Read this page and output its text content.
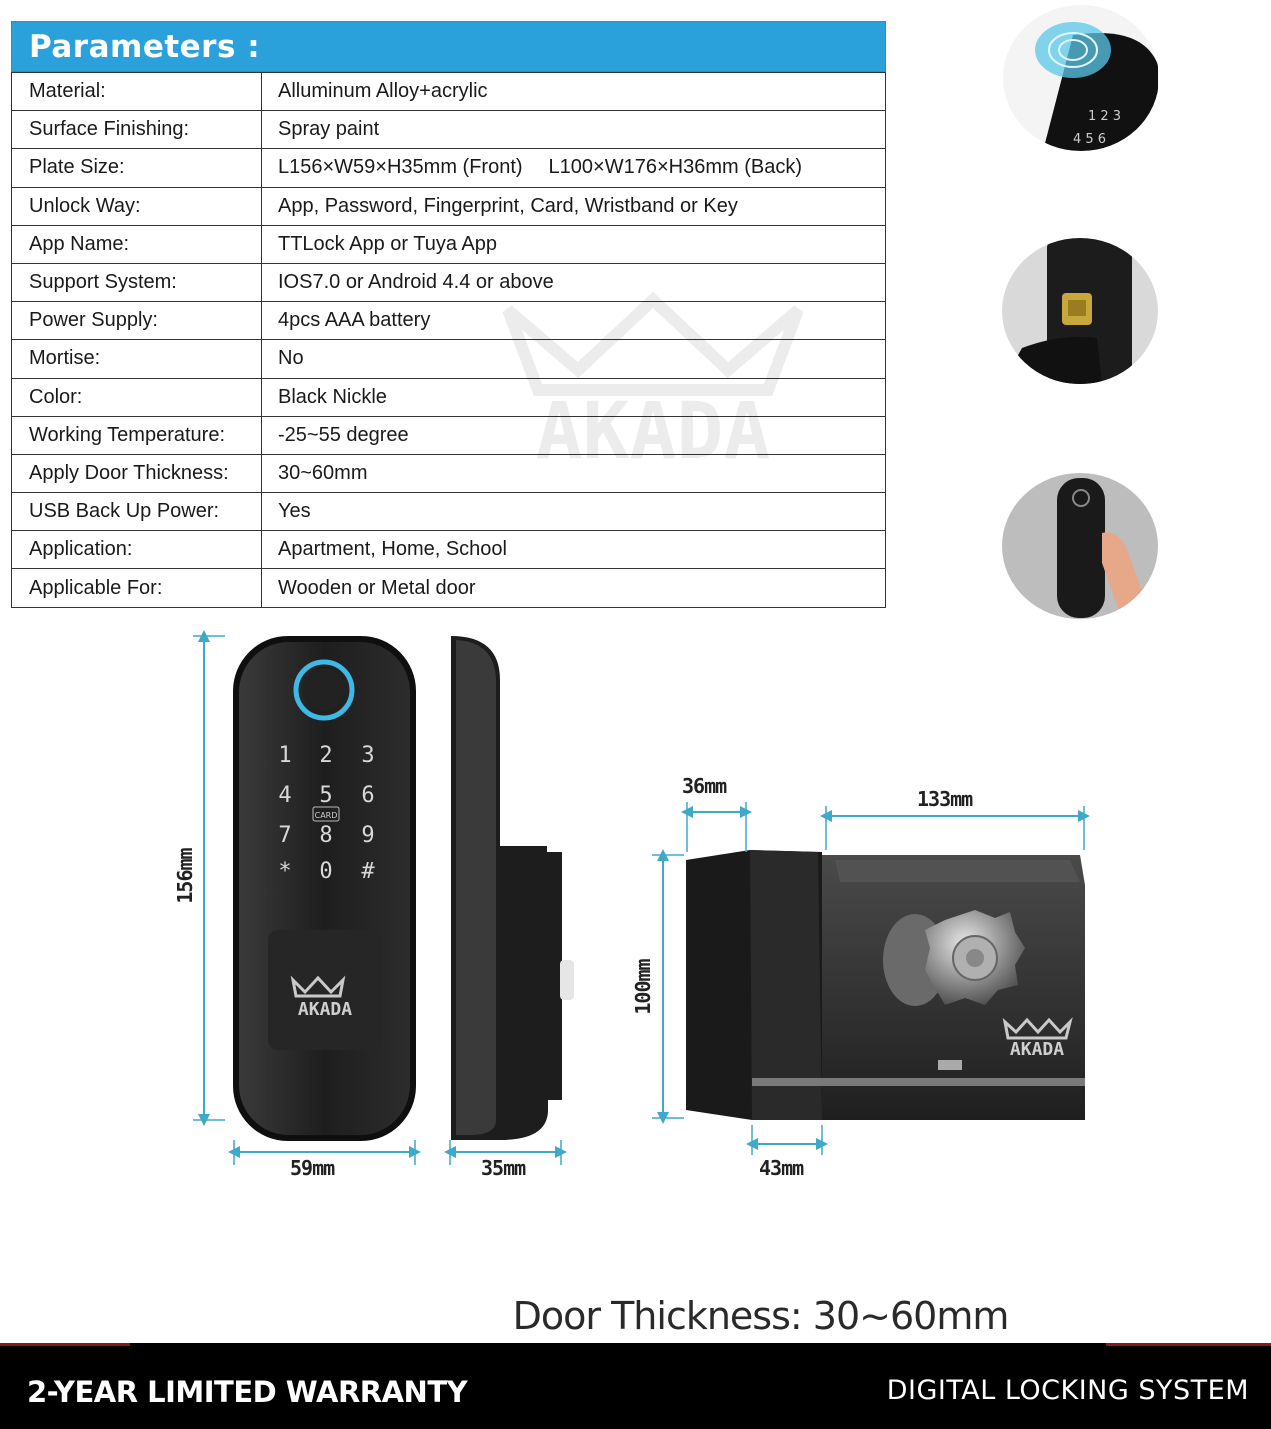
Parameters :
Material:	Alluminum Alloy+acrylic
Surface Finishing:	Spray paint
Plate Size:	L156×W59×H35mm (Front) L100×W176×H36mm (Back)
Unlock Way:	App, Password, Fingerprint, Card, Wristband or Key
App Name:	TTLock App or Tuya App
Support System:	IOS7.0 or Android 4.4 or above
Power Supply:	4pcs AAA battery
Mortise:	No
Color:	Black Nickle
Working Temperature:	-25~55 degree
Apply Door Thickness:	30~60mm
USB Back Up Power:	Yes
Application:	Apartment, Home, School
Applicable For:	Wooden or Metal door
AKADA
1 2 3
4 5 6
1 2 3
4 5 6
7 8 9
* 0 #
CARD
AKADA
AKADA
156mm
59mm	35mm
36mm
133mm
100mm
43mm
Door Thickness: 30~60mm
2-YEAR LIMITED WARRANTY	DIGITAL LOCKING SYSTEM
